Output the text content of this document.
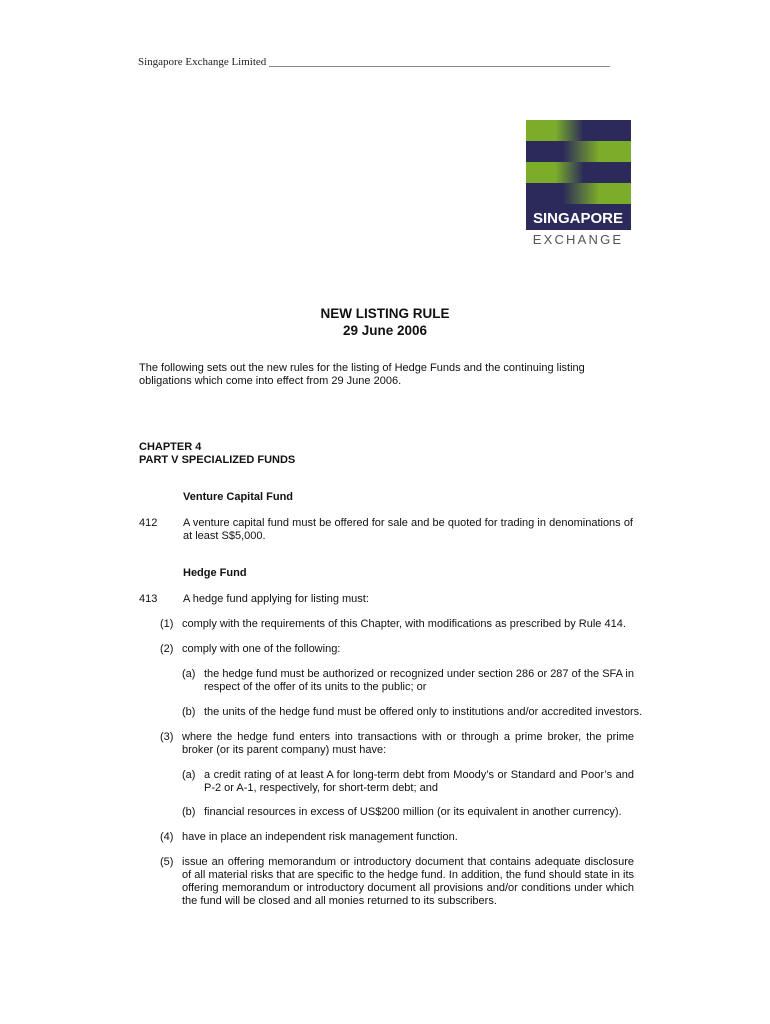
Singapore Exchange Limited ______________________________________________________________
SINGAPORE
EXCHANGE
NEW LISTING RULE
29 June 2006
The following sets out the new rules for the listing of Hedge Funds and the continuing listing obligations which come into effect from 29 June 2006.
CHAPTER 4
PART V SPECIALIZED FUNDS
Venture Capital Fund
412 A venture capital fund must be offered for sale and be quoted for trading in denominations of at least S$5,000.
Hedge Fund
413 A hedge fund applying for listing must:
(1) comply with the requirements of this Chapter, with modifications as prescribed by Rule 414.
(2) comply with one of the following:
(a) the hedge fund must be authorized or recognized under section 286 or 287 of the SFA in respect of the offer of its units to the public; or
(b) the units of the hedge fund must be offered only to institutions and/or accredited investors.
(3) where the hedge fund enters into transactions with or through a prime broker, the prime broker (or its parent company) must have:
(a) a credit rating of at least A for long-term debt from Moody’s or Standard and Poor’s and P-2 or A-1, respectively, for short-term debt; and
(b) financial resources in excess of US$200 million (or its equivalent in another currency).
(4) have in place an independent risk management function.
(5) issue an offering memorandum or introductory document that contains adequate disclosure of all material risks that are specific to the hedge fund. In addition, the fund should state in its offering memorandum or introductory document all provisions and/or conditions under which the fund will be closed and all monies returned to its subscribers.
